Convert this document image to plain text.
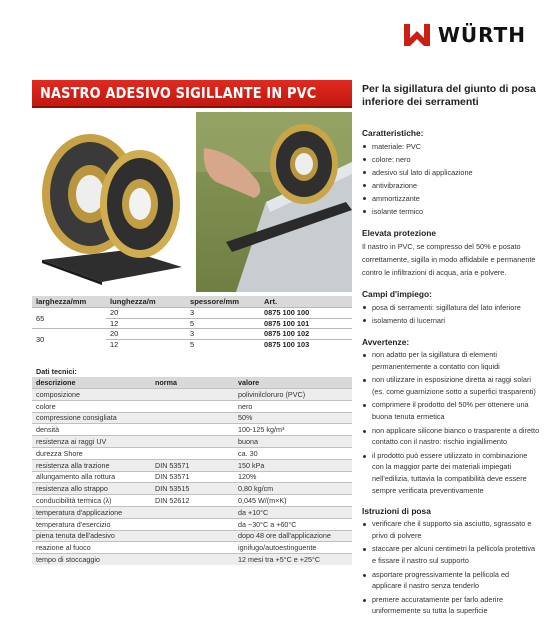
WÜRTH
NASTRO ADESIVO SIGILLANTE IN PVC
larghezza/mm	lunghezza/m	spessore/mm	Art.
65	20	3	0875 100 100
	12	5	0875 100 101
30	20	3	0875 100 102
	12	5	0875 100 103
Dati tecnici:		
descrizione	norma	valore
composizione		polivinilcloruro (PVC)
colore		nero
compressione consigliata		50%
densità		100-125 kg/m³
resistenza ai raggi UV		buona
durezza Shore		ca. 30
resistenza alla trazione	DIN 53571	150 kPa
allungamento alla rottura	DIN 53571	120%
resistenza allo strappo	DIN 53515	0,80 kg/cm
conducibilità termica (λ)	DIN 52612	0,045 W/(m×K)
temperatura d'applicazione		da +10°C
temperatura d'esercizio		da −30°C a +60°C
piena tenuta dell'adesivo		dopo 48 ore dall'applicazione
reazione al fuoco		ignifugo/autoestinguente
tempo di stoccaggio		12 mesi tra +5°C e +25°C
Per la sigillatura del giunto di posa inferiore dei serramenti
Caratteristiche:
materiale: PVC
colore: nero
adesivo sul lato di applicazione
antivibrazione
ammortizzante
isolante termico
Elevata protezione
Il nastro in PVC, se compresso del 50% e posato correttamente, sigilla in modo affidabile e permanente contro le infiltrazioni di acqua, aria e polvere.
Campi d'impiego:
posa di serramenti: sigillatura del lato inferiore
isolamento di lucernari
Avvertenze:
non adatto per la sigillatura di elementi permanentemente a contatto con liquidi
non utilizzare in esposizione diretta ai raggi solari (es. come guarnizione sotto a superfici trasparenti)
comprimere il prodotto del 50% per ottenere una buona tenuta ermetica
non applicare silicone bianco o trasparente a diretto contatto con il nastro: rischio ingiallimento
il prodotto può essere utilizzato in combinazione con la maggior parte dei materiali impiegati nell'edilizia, tuttavia la compatibilità deve essere sempre verificata preventivamente
Istruzioni di posa
verificare che il supporto sia asciutto, sgrassato e privo di polvere
staccare per alcuni centimetri la pellicola protettiva e fissare il nastro sul supporto
asportare progressivamente la pellicola ed applicare il nastro senza tenderlo
premere accuratamente per farlo aderire uniformemente su tutta la superficie
